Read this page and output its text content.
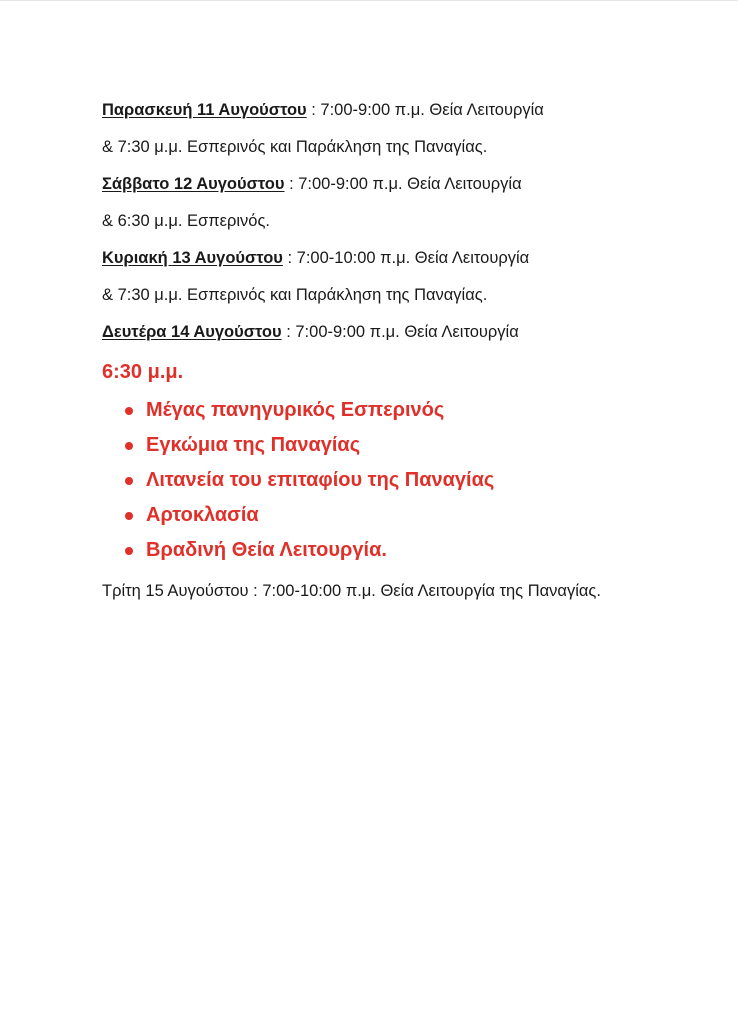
Παρασκευή 11 Αυγούστου : 7:00-9:00 π.μ. Θεία Λειτουργία
& 7:30 μ.μ. Εσπερινός και Παράκληση της Παναγίας.
Σάββατο 12 Αυγούστου : 7:00-9:00 π.μ. Θεία Λειτουργία
& 6:30 μ.μ. Εσπερινός.
Κυριακή 13 Αυγούστου : 7:00-10:00 π.μ. Θεία Λειτουργία
& 7:30 μ.μ. Εσπερινός και Παράκληση της Παναγίας.
Δευτέρα 14 Αυγούστου : 7:00-9:00 π.μ. Θεία Λειτουργία
6:30 μ.μ.
Μέγας πανηγυρικός Εσπερινός
Εγκώμια της Παναγίας
Λιτανεία του επιταφίου της Παναγίας
Αρτοκλασία
Βραδινή Θεία Λειτουργία.
Τρίτη 15 Αυγούστου : 7:00-10:00 π.μ. Θεία Λειτουργία της Παναγίας.
